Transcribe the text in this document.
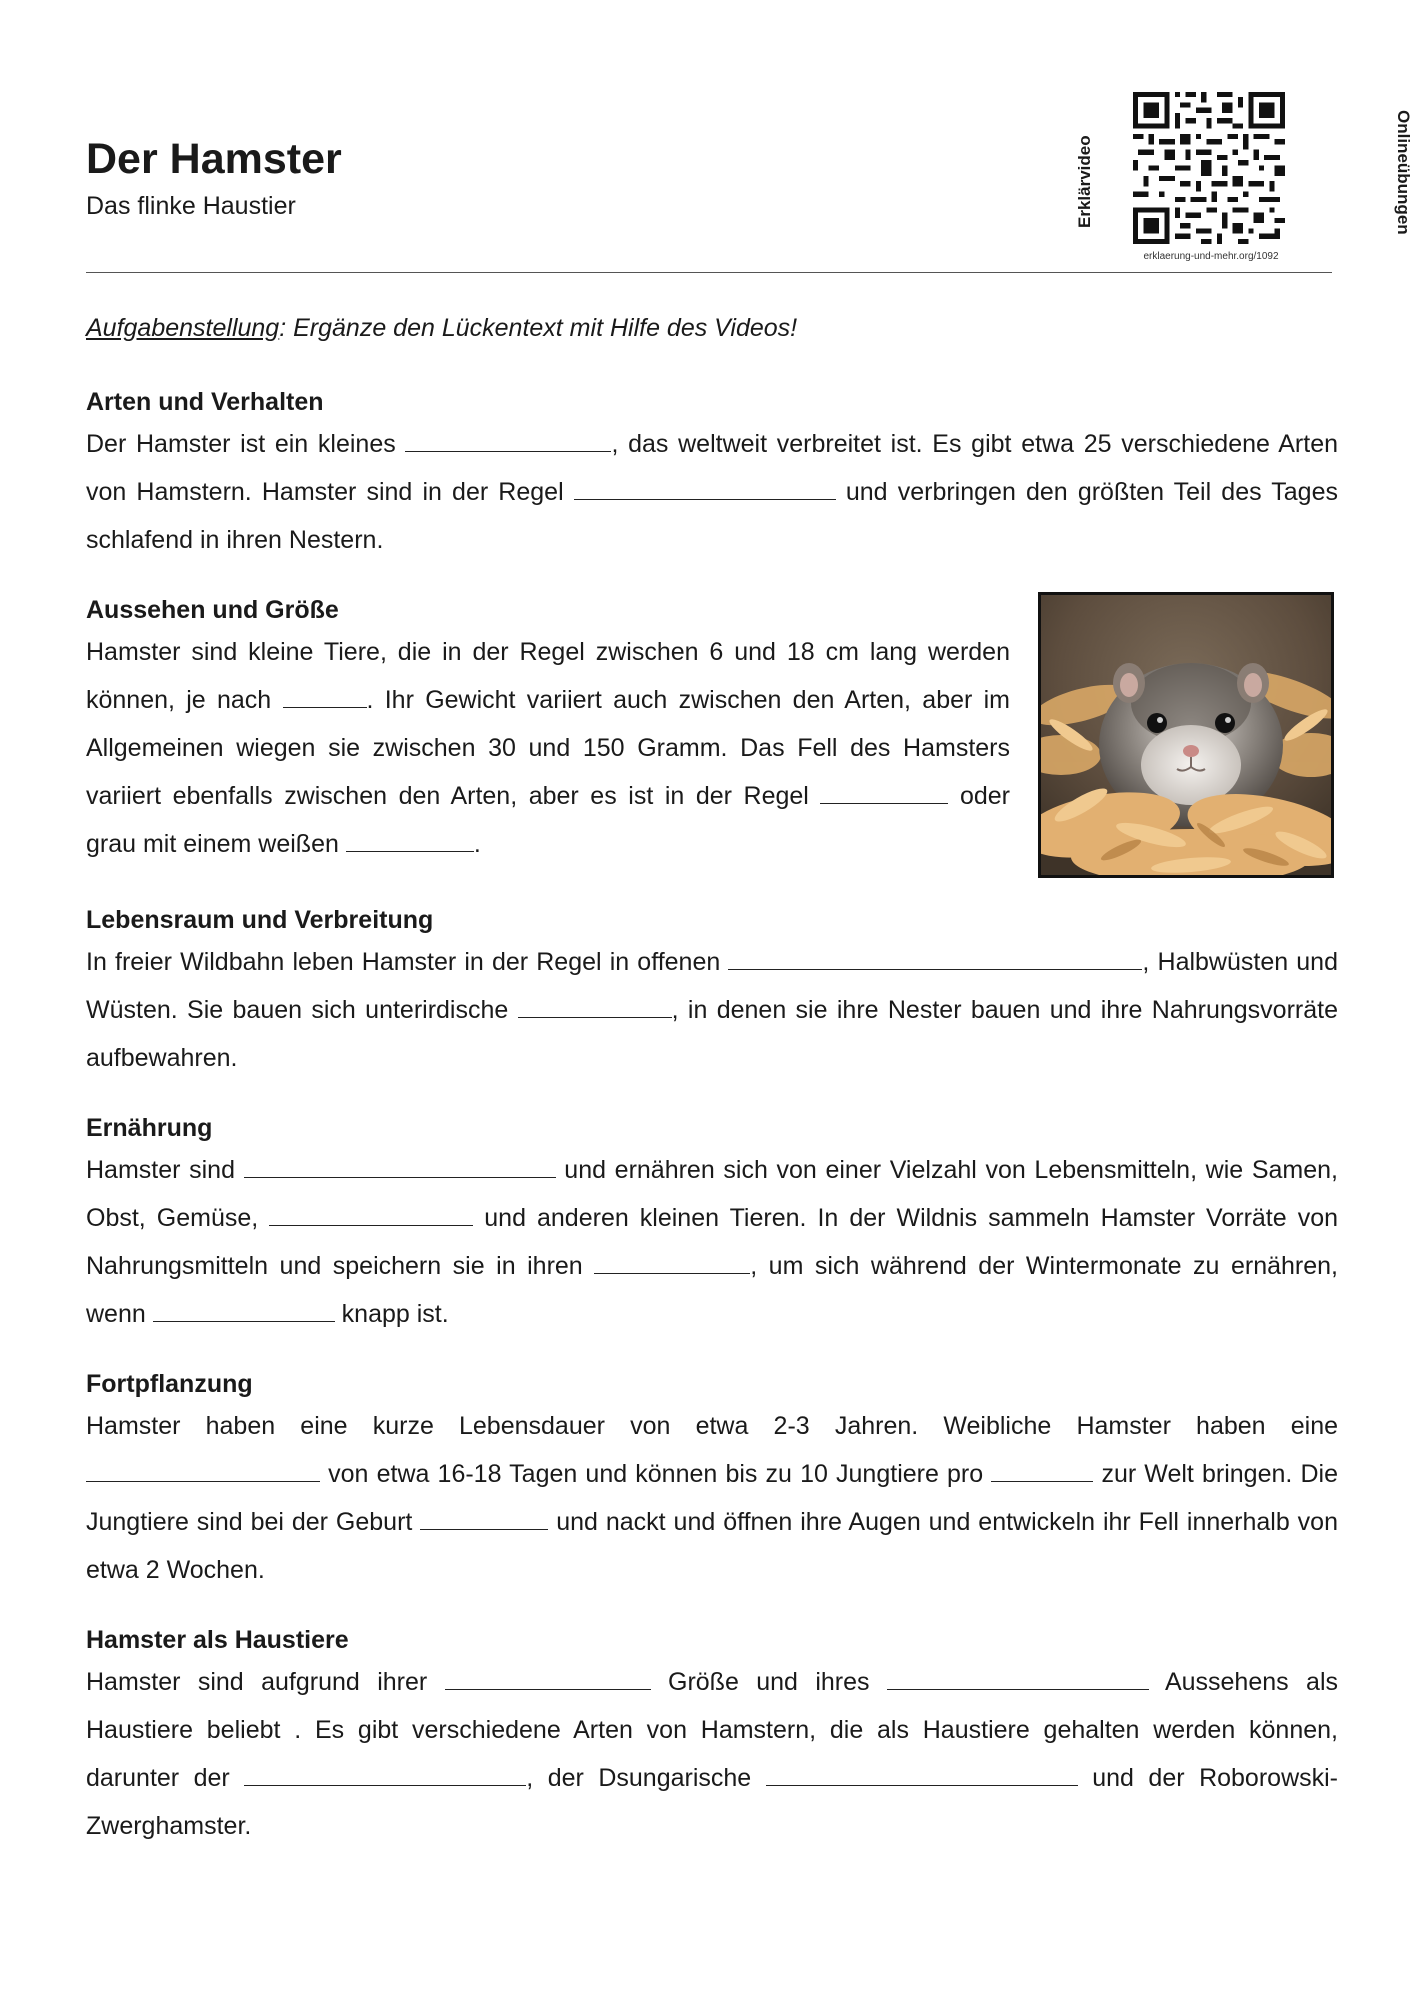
Der Hamster

Das flinke Haustier	Erklärvideo
erklaerung-und-mehr.org/1092
Onlineübungen

Aufgabenstellung: Ergänze den Lückentext mit Hilfe des Videos!

Arten und Verhalten

Der Hamster ist ein kleines	, das weltweit verbreitet ist. Es gibt etwa 25 verschiedene Arten von Hamstern. Hamster sind in der Regel	und verbringen den größten Teil des Tages schlafend in ihren Nestern.

Aussehen und Größe

Hamster sind kleine Tiere, die in der Regel zwischen 6 und 18 cm lang werden können, je nach	. Ihr Gewicht variiert auch zwischen den Arten, aber im Allgemeinen wiegen sie zwischen 30 und 150 Gramm. Das Fell des Hamsters variiert ebenfalls zwischen den Arten, aber es ist in der Regel	oder grau mit einem weißen	.

Lebensraum und Verbreitung

In freier Wildbahn leben Hamster in der Regel in offenen	, Halbwüsten und Wüsten. Sie bauen sich unterirdische	, in denen sie ihre Nester bauen und ihre Nahrungsvorräte aufbewahren.

Ernährung

Hamster sind	und ernähren sich von einer Vielzahl von Lebensmitteln, wie Samen, Obst, Gemüse,	und anderen kleinen Tieren. In der Wildnis sammeln Hamster Vorräte von Nahrungsmitteln und speichern sie in ihren	, um sich während der Wintermonate zu ernähren, wenn	knapp ist.

Fortpflanzung

Hamster haben eine kurze Lebensdauer von etwa 2-3 Jahren. Weibliche Hamster haben eine  von etwa 16-18 Tagen und können bis zu 10 Jungtiere pro	zur Welt bringen. Die Jungtiere sind bei der Geburt	und nackt und öffnen ihre Augen und entwickeln ihr Fell innerhalb von etwa 2 Wochen.

Hamster als Haustiere

Hamster sind aufgrund ihrer	Größe und ihres	Aussehens als Haustiere beliebt . Es gibt verschiedene Arten von Hamstern, die als Haustiere gehalten werden können, darunter der	, der Dsungarische	und der Roborowski-Zwerghamster.
